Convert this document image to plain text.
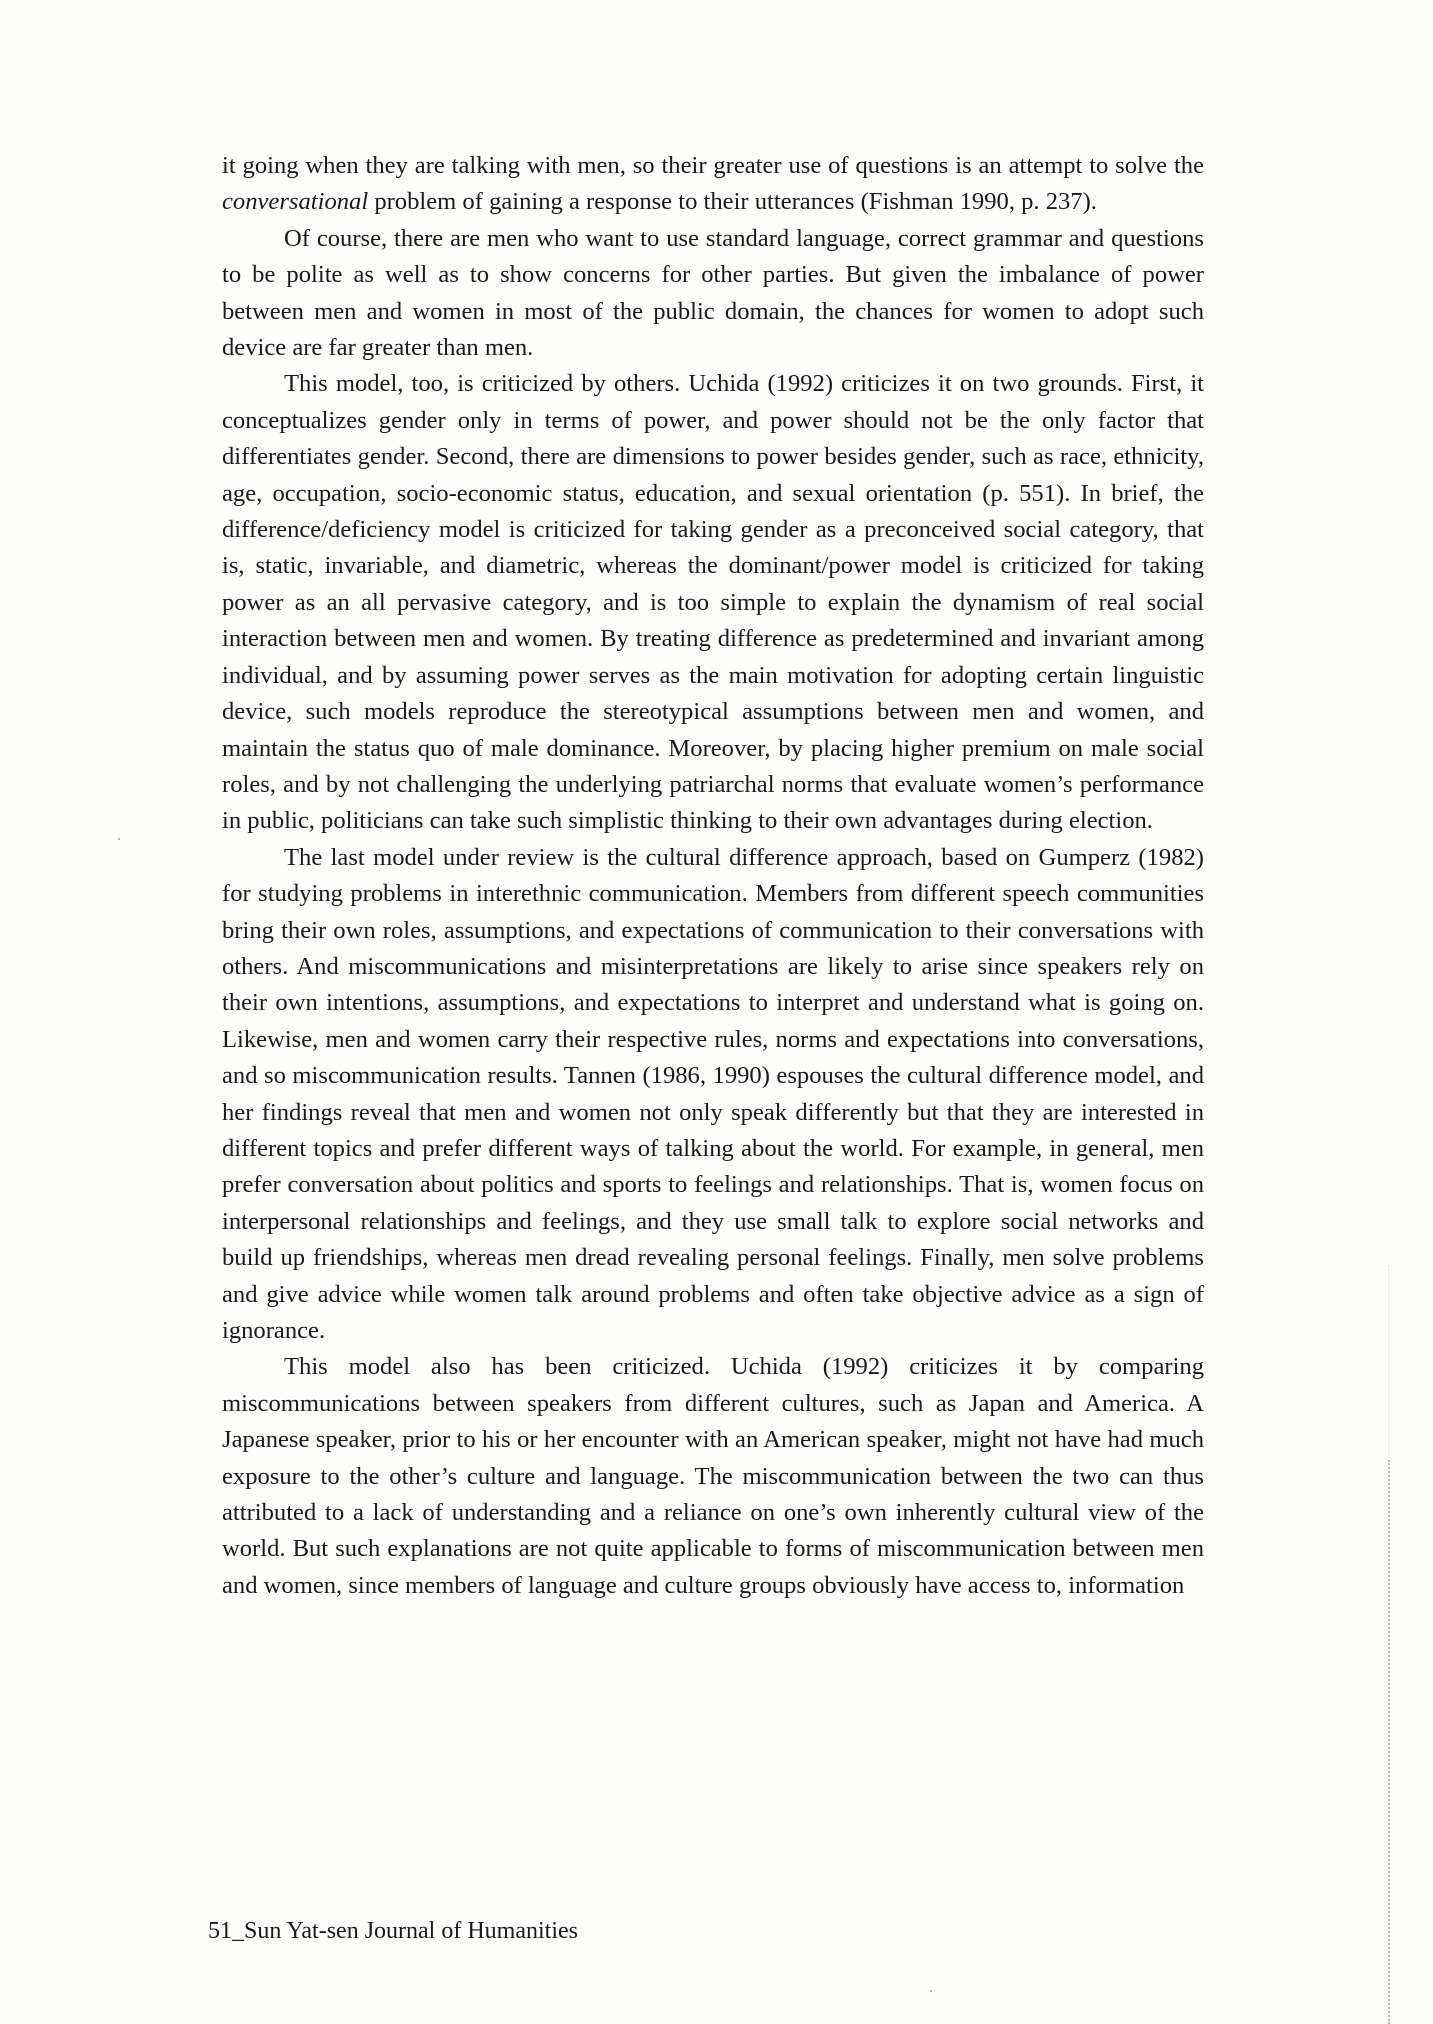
it going when they are talking with men, so their greater use of questions is an attempt to solve the conversational problem of gaining a response to their utterances (Fishman 1990, p. 237).

Of course, there are men who want to use standard language, correct grammar and questions to be polite as well as to show concerns for other parties. But given the imbalance of power between men and women in most of the public domain, the chances for women to adopt such device are far greater than men.

This model, too, is criticized by others. Uchida (1992) criticizes it on two grounds. First, it conceptualizes gender only in terms of power, and power should not be the only factor that differentiates gender. Second, there are dimensions to power besides gender, such as race, ethnicity, age, occupation, socio-economic status, education, and sexual orientation (p. 551). In brief, the difference/deficiency model is criticized for taking gender as a preconceived social category, that is, static, invariable, and diametric, whereas the dominant/power model is criticized for taking power as an all pervasive category, and is too simple to explain the dynamism of real social interaction between men and women. By treating difference as predetermined and invariant among individual, and by assuming power serves as the main motivation for adopting certain linguistic device, such models reproduce the stereotypical assumptions between men and women, and maintain the status quo of male dominance. Moreover, by placing higher premium on male social roles, and by not challenging the underlying patriarchal norms that evaluate women’s performance in public, politicians can take such simplistic thinking to their own advantages during election.

The last model under review is the cultural difference approach, based on Gumperz (1982) for studying problems in interethnic communication. Members from different speech communities bring their own roles, assumptions, and expectations of communication to their conversations with others. And miscommunications and misinterpretations are likely to arise since speakers rely on their own intentions, assumptions, and expectations to interpret and understand what is going on. Likewise, men and women carry their respective rules, norms and expectations into conversations, and so miscommunication results. Tannen (1986, 1990) espouses the cultural difference model, and her findings reveal that men and women not only speak differently but that they are interested in different topics and prefer different ways of talking about the world. For example, in general, men prefer conversation about politics and sports to feelings and relationships. That is, women focus on interpersonal relationships and feelings, and they use small talk to explore social networks and build up friendships, whereas men dread revealing personal feelings. Finally, men solve problems and give advice while women talk around problems and often take objective advice as a sign of ignorance.

This model also has been criticized. Uchida (1992) criticizes it by comparing miscommunications between speakers from different cultures, such as Japan and America. A Japanese speaker, prior to his or her encounter with an American speaker, might not have had much exposure to the other’s culture and language. The miscommunication between the two can thus attributed to a lack of understanding and a reliance on one’s own inherently cultural view of the world. But such explanations are not quite applicable to forms of miscommunication between men and women, since members of language and culture groups obviously have access to, information

51_Sun Yat-sen Journal of Humanities
